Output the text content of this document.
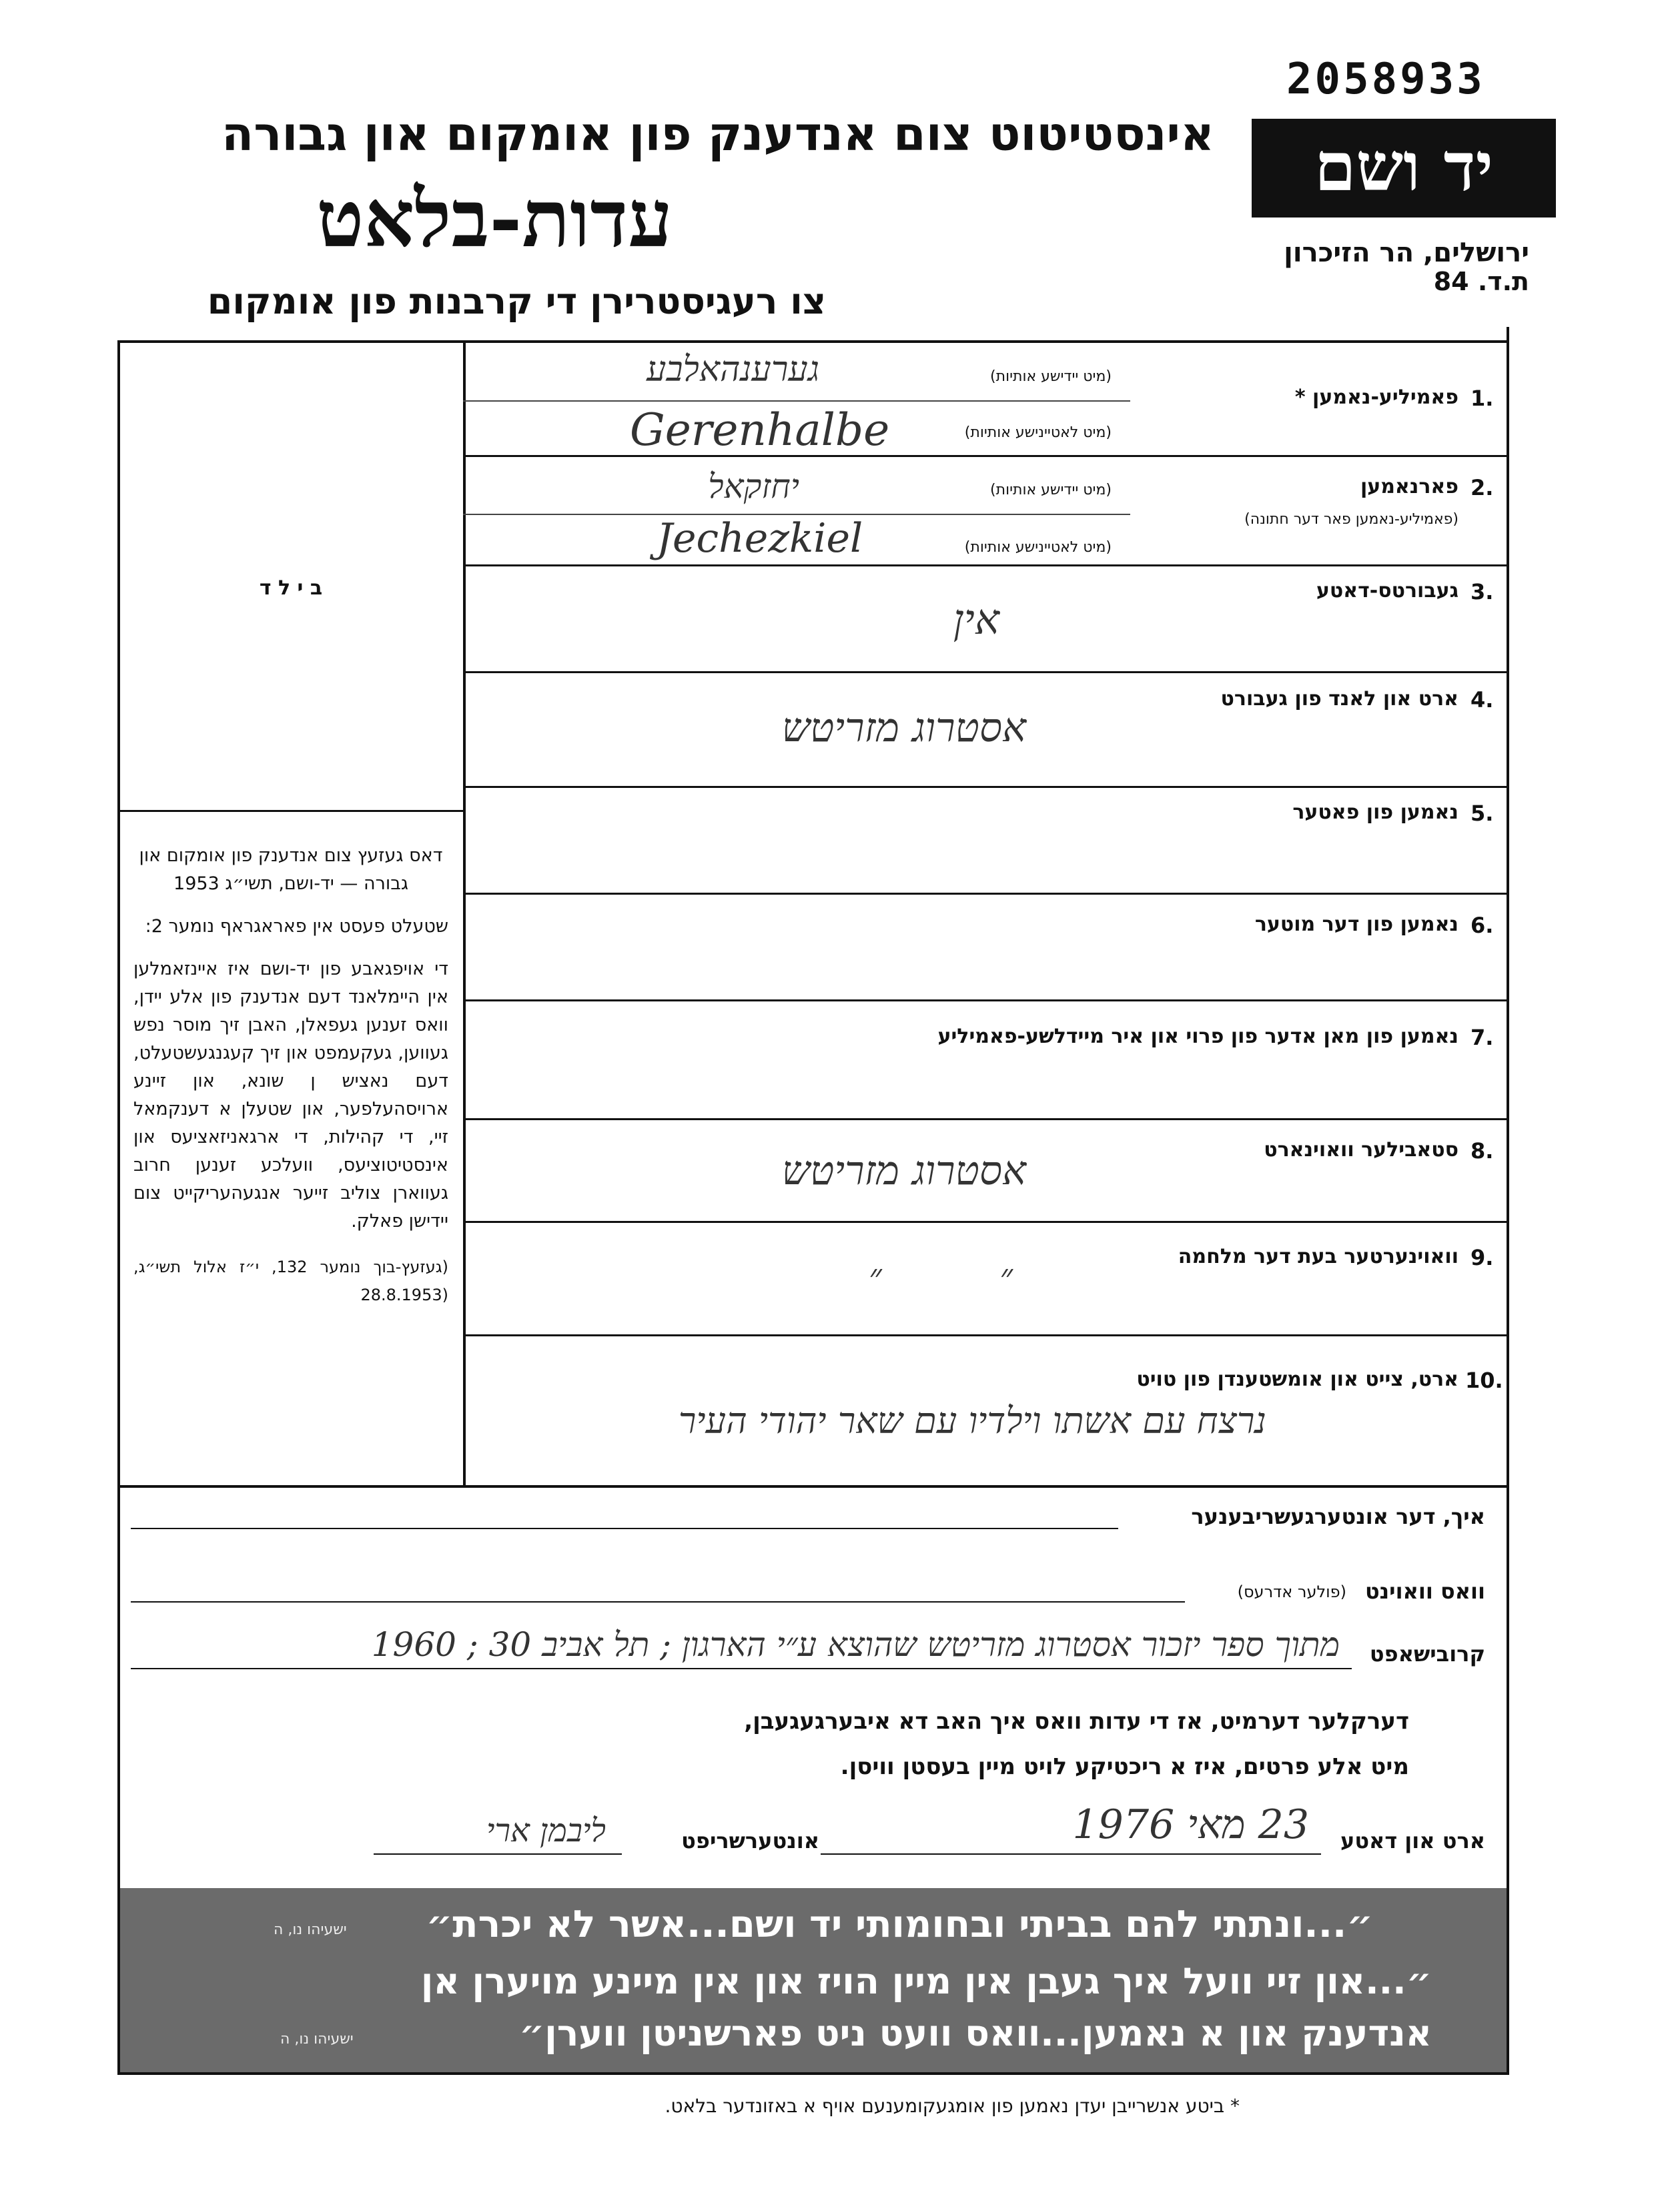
2058933
יד ושם
ירושלים, הר הזיכרון
ת.ד. 84
אינסטיטוט צום אנדענק פון אומקום און גבורה
עדות-בלאט
צו רעגיסטרירן די קרבנות פון אומקום
ב י ל ד
דאס געזעץ צום אנדענק פון אומקום און גבורה — יד-ושם, תשי״ג 1953
שטעלט פעסט אין פאראגראף נומער 2:
די אויפגאבע פון יד-ושם איז איינזאמלען אין היימלאנד דעם אנדענק פון אלע יידן, וואס זענען געפאלן, האבן זיך מוסר נפש געווען, געקעמפט און זיך קעגנגעשטעלט, דעם נאציש ן שונא, און זיינע ארויסהעלפער, און שטעלן א דענקמאל זיי, די קהילות, די ארגאניזאציעס און אינסטיטוציעס, וועלכע זענען חרוב געווארן צוליב זייער אנגעהעריקייט צום יידישן פאלק.
(געזעץ-בוך נומער 132, י״ז אלול תשי״ג, (28.8.1953
1.
פאמיליע-נאמען *
(מיט יידישע אותיות)
(מיט לאטיינישע אותיות)
גערענהאלבע
Gerenhalbe
2.
פארנאמען
(פאמיליע-נאמען פאר דער חתונה)
(מיט יידישע אותיות)
(מיט לאטיינישע אותיות)
יחזקאל
Jechezkiel
3.
געבורטס-דאטע
אין
4.
ארט און לאנד פון געבורט
אסטרוג מזריטש
5.
נאמען פון פאטער
6.
נאמען פון דער מוטער
7.
נאמען פון מאן אדער פון פרוי און איר מיידלשע-פאמיליע
8.
סטאבילער וואוינארט
אסטרוג מזריטש
9.
וואוינערטער בעת דער מלחמה
״ ״
10.
ארט, צייט און אומשטענדן פון טויט
נרצח עם אשתו וילדיו עם שאר יהודי העיר
איך, דער אונטערגעשריבענער
וואס וואוינט
(פולער אדרעס)
קרובישאפט
מתוך ספר יזכור אסטרוג מזריטש שהוצא ע״י הארגון ; תל אביב 30 ; 1960
דערקלער דערמיט, אז די עדות וואס איך האב דא איבערגעגעבן,
מיט אלע פרטים, איז א ריכטיקע לויט מיין בעסטן וויסן.
ארט און דאטע
23 מאי 1976
אונטערשריפט
ליבמן ארי
״...ונתתי להם בביתי ובחומותי יד ושם...אשר לא יכרת״
ישעיהו נו, ה
״...און זיי וועל איך געבן אין מיין הויז און אין מיינע מויערן אן
אנדענק און א נאמען...וואס וועט ניט פארשניטן ווערן״
ישעיהו נו, ה
* ביטע אנשרייבן יעדן נאמען פון אומגעקומענעם אויף א באזונדער בלאט.
